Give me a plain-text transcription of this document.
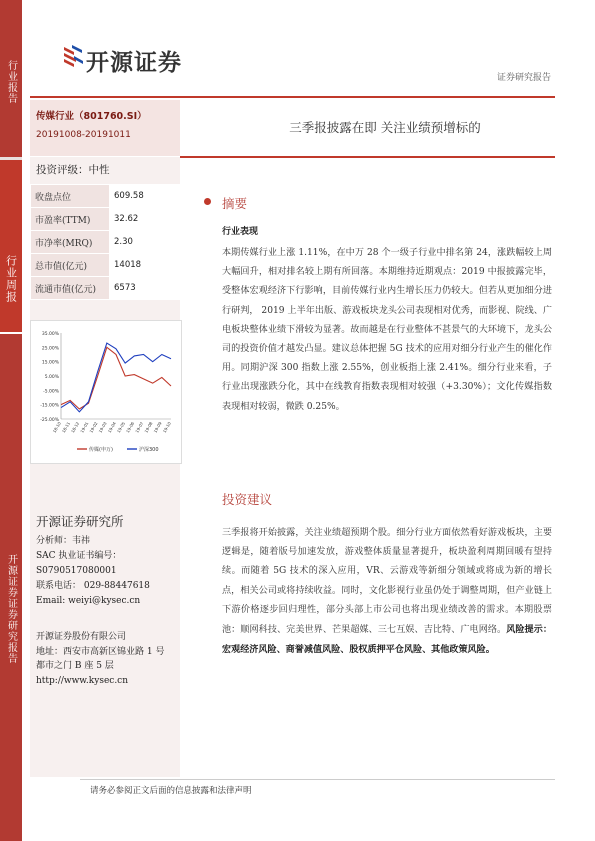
行业报告
行业周报
开源证券证券研究报告
开源证券
证券研究报告
传媒行业（801760.SI）
20191008-20191011	三季报披露在即 关注业绩预增标的
投资评级：中性
收盘点位	609.58
市盈率(TTM)	32.62
市净率(MRQ)	2.30
总市值(亿元)	14018
流通市值(亿元)	6573
35.00%
25.00%
15.00%
5.00%
-5.00%
-15.00%
-25.00%
18-10 18-11 18-12 19-01 19-02 19-03 19-04 19-05 19-06 19-07 19-08 19-09 19-10
传媒(申万)	沪深300
开源证券研究所
分析师：韦祎
SAC 执业证书编号：
S0790517080001
联系电话： 029-88447618
Email: weiyi@kysec.cn
开源证券股份有限公司
地址：西安市高新区锦业路 1 号
都市之门 B 座 5 层
http://www.kysec.cn
摘要
行业表现
本期传媒行业上涨 1.11%，在中万 28 个一级子行业中排名第 24，涨跌幅较上周大幅回升，相对排名较上期有所回落。本期维持近期观点：2019 中报披露完毕，受整体宏观经济下行影响，目前传媒行业内生增长压力仍较大。但若从更加细分进行研判， 2019 上半年出版、游戏板块龙头公司表现相对优秀，而影视、院线、广电板块整体业绩下滑较为显著。故而越是在行业整体不甚景气的大环境下，龙头公司的投资价值才越发凸显。建议总体把握 5G 技术的应用对细分行业产生的催化作用。同期沪深 300 指数上涨 2.55%，创业板指上涨 2.41%。细分行业来看，子行业出现涨跌分化，其中在线教育指数表现相对较强（+3.30%）；文化传媒指数表现相对较弱，微跌 0.25%。
投资建议
三季报将开始披露，关注业绩超预期个股。细分行业方面依然看好游戏板块，主要逻辑是，随着版号加速发放，游戏整体质量显著提升，板块盈利周期回暖有望持续。而随着 5G 技术的深入应用，VR、云游戏等新细分领域或将成为新的增长点，相关公司或将持续收益。同时，文化影视行业虽仍处于调整周期，但产业链上下游价格逐步回归理性，部分头部上市公司也将出现业绩改善的需求。本期股票池：顺网科技、完美世界、芒果超媒、三七互娱、吉比特、广电网络。风险提示：宏观经济风险、商誉减值风险、股权质押平仓风险、其他政策风险。
请务必参阅正文后面的信息披露和法律声明
